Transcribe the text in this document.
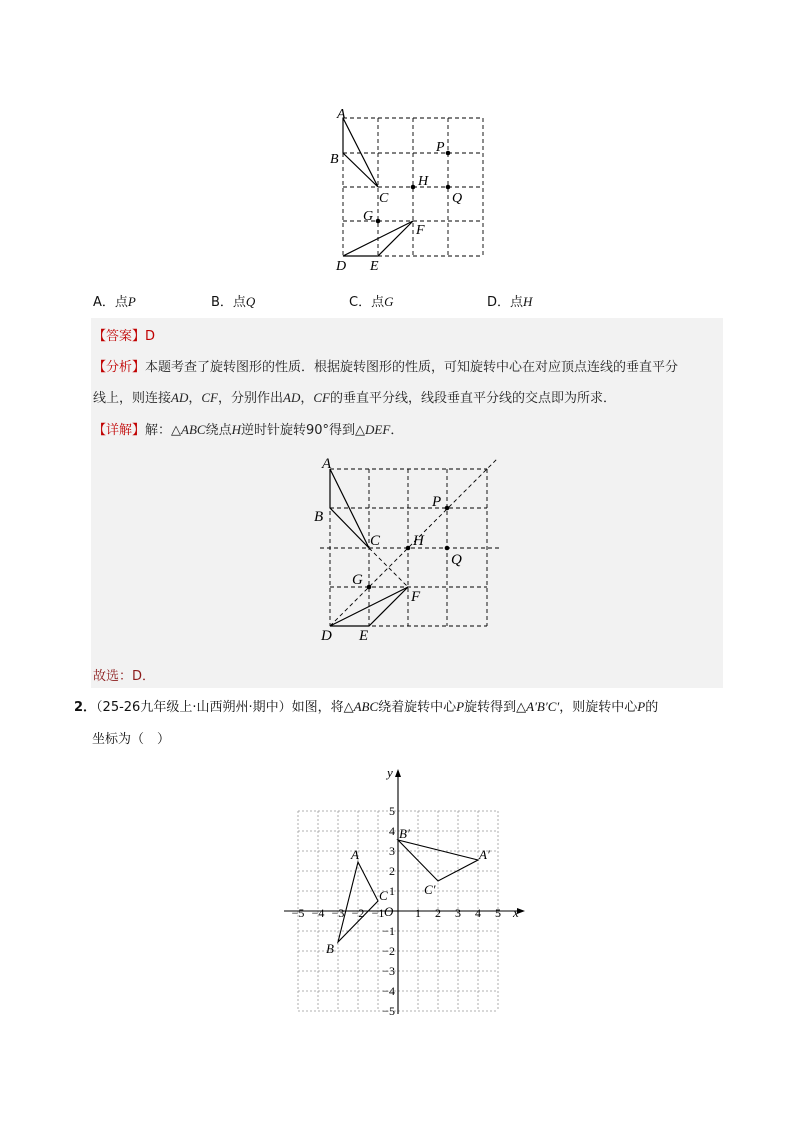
A
B
C
H
P
Q
G
F
D E
A．点P	B．点Q	C．点G	D．点H
【答案】D
【分析】本题考查了旋转图形的性质．根据旋转图形的性质，可知旋转中心在对应顶点连线的垂直平分
线上，则连接AD，CF，分别作出AD，CF的垂直平分线，线段垂直平分线的交点即为所求．
【详解】解：△ABC绕点H逆时针旋转90°得到△DEF．
A
B
C H
P
Q
G
F
D E
故选：D．
2．（25-26九年级上·山西朔州·期中）如图，将△ABC绕着旋转中心P旋转得到△A′B′C′，则旋转中心P的
坐标为（　）
−5 −4 −3 −2 −1	1 2 3 4 5
5
4
3
2
1
−1
−2
−3
−4
−5
x
y
O
A
B
C
A′
B′
C′
